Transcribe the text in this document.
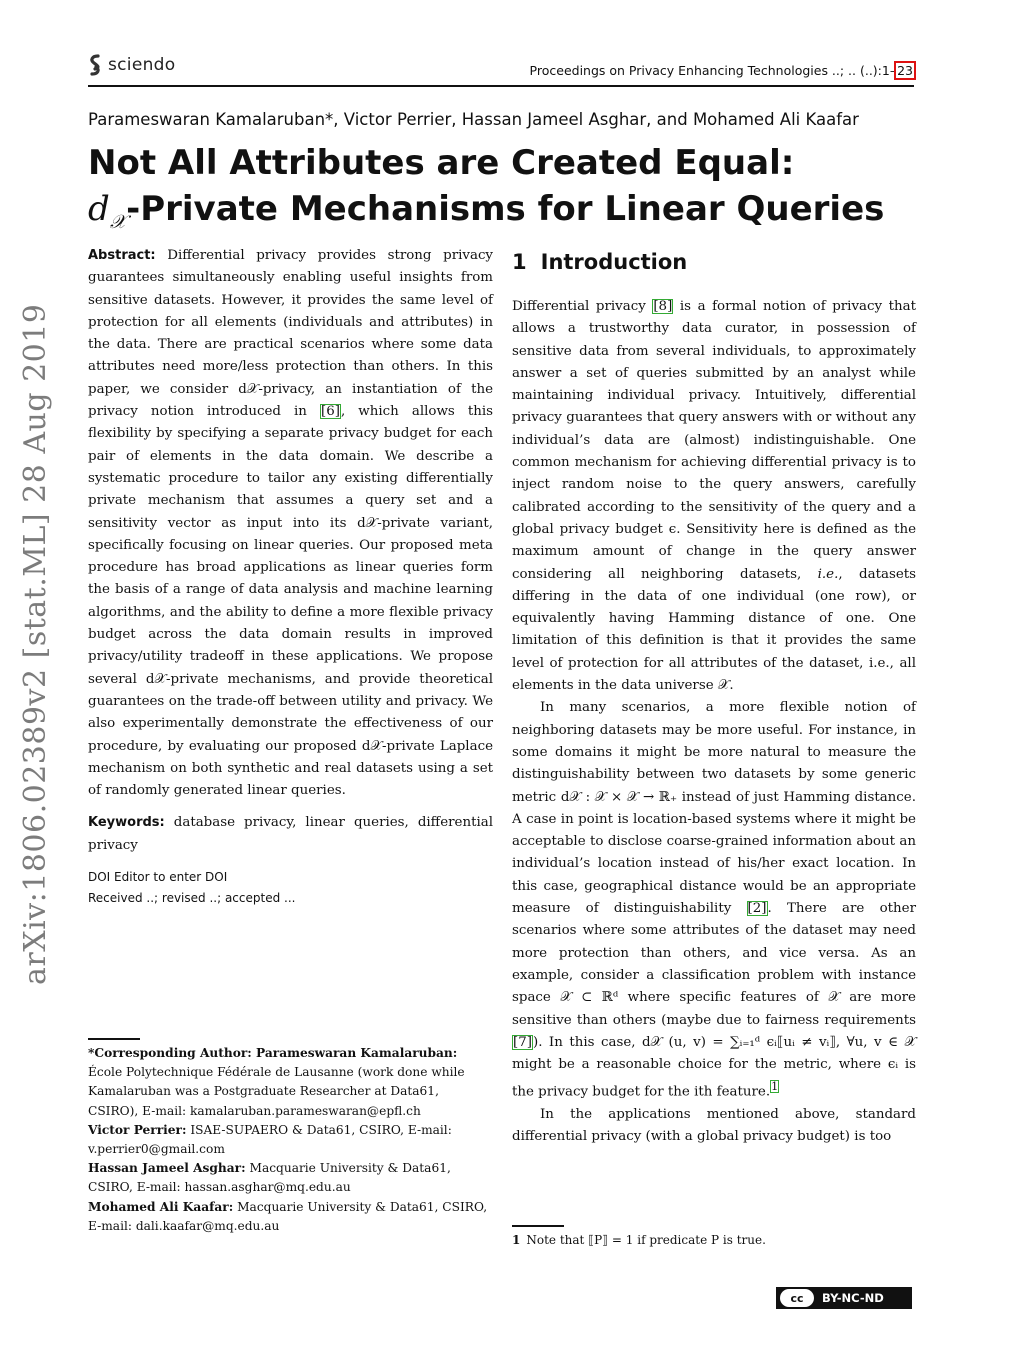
sciendo	Proceedings on Privacy Enhancing Technologies ..; .. (..):1–23
Parameswaran Kamalaruban*, Victor Perrier, Hassan Jameel Asghar, and Mohamed Ali Kaafar
Not All Attributes are Created Equal:
$d_𝒳$-Private Mechanisms for Linear Queries
arXiv:1806.02389v2 [stat.ML] 28 Aug 2019

Abstract: Differential privacy provides strong privacy guarantees simultaneously enabling useful insights from sensitive datasets. However, it provides the same level of protection for all elements (individuals and attributes) in the data. There are practical scenarios where some data attributes need more/less protection than others. In this paper, we consider d𝒳-privacy, an instantiation of the privacy notion introduced in [6], which allows this flexibility by specifying a separate privacy budget for each pair of elements in the data domain. We describe a systematic procedure to tailor any existing differentially private mechanism that assumes a query set and a sensitivity vector as input into its d𝒳-private variant, specifically focusing on linear queries. Our proposed meta procedure has broad applications as linear queries form the basis of a range of data analysis and machine learning algorithms, and the ability to define a more flexible privacy budget across the data domain results in improved privacy/utility tradeoff in these applications. We propose several d𝒳-private mechanisms, and provide theoretical guarantees on the trade-off between utility and privacy. We also experimentally demonstrate the effectiveness of our procedure, by evaluating our proposed d𝒳-private Laplace mechanism on both synthetic and real datasets using a set of randomly generated linear queries.

Keywords: database privacy, linear queries, differential privacy

DOI Editor to enter DOI
Received ..; revised ..; accepted ...

*Corresponding Author: Parameswaran Kamalaruban: École Polytechnique Fédérale de Lausanne (work done while Kamalaruban was a Postgraduate Researcher at Data61, CSIRO), E-mail: kamalaruban.parameswaran@epfl.ch

Victor Perrier: ISAE-SUPAERO & Data61, CSIRO, E-mail: v.perrier0@gmail.com

Hassan Jameel Asghar: Macquarie University & Data61, CSIRO, E-mail: hassan.asghar@mq.edu.au

Mohamed Ali Kaafar: Macquarie University & Data61, CSIRO, E-mail: dali.kaafar@mq.edu.au

1 Introduction

Differential privacy [8] is a formal notion of privacy that allows a trustworthy data curator, in possession of sensitive data from several individuals, to approximately answer a set of queries submitted by an analyst while maintaining individual privacy. Intuitively, differential privacy guarantees that query answers with or without any individual’s data are (almost) indistinguishable. One common mechanism for achieving differential privacy is to inject random noise to the query answers, carefully calibrated according to the sensitivity of the query and a global privacy budget ϵ. Sensitivity here is defined as the maximum amount of change in the query answer considering all neighboring datasets, i.e., datasets differing in the data of one individual (one row), or equivalently having Hamming distance of one. One limitation of this definition is that it provides the same level of protection for all attributes of the dataset, i.e., all elements in the data universe 𝒳.

In many scenarios, a more flexible notion of neighboring datasets may be more useful. For instance, in some domains it might be more natural to measure the distinguishability between two datasets by some generic metric d𝒳 : 𝒳 × 𝒳 → ℝ₊ instead of just Hamming distance. A case in point is location-based systems where it might be acceptable to disclose coarse-grained information about an individual’s location instead of his/her exact location. In this case, geographical distance would be an appropriate measure of distinguishability [2]. There are other scenarios where some attributes of the dataset may need more protection than others, and vice versa. As an example, consider a classification problem with instance space 𝒳 ⊂ ℝᵈ where specific features of 𝒳 are more sensitive than others (maybe due to fairness requirements [7]). In this case, d𝒳 (u, v) = ∑ᵢ₌₁ᵈ ϵᵢ⟦uᵢ ≠ vᵢ⟧, ∀u, v ∈ 𝒳 might be a reasonable choice for the metric, where ϵᵢ is the privacy budget for the ith feature.$^1$

In the applications mentioned above, standard differential privacy (with a global privacy budget) is too

1 Note that ⟦P⟧ = 1 if predicate P is true.
cc	BY-NC-ND
